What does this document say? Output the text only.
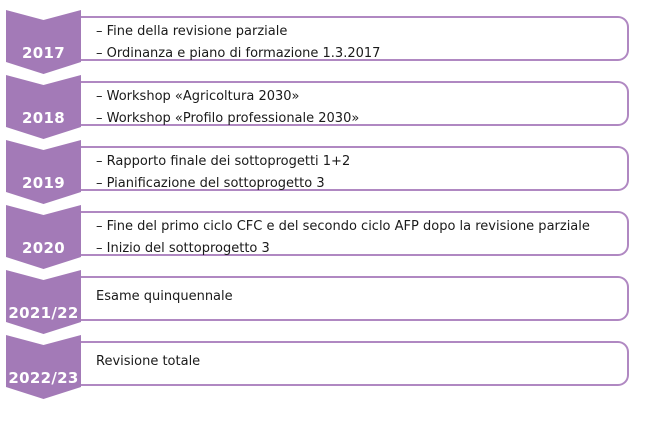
2017
– Fine della revisione parziale
– Ordinanza e piano di formazione 1.3.2017
2018
– Workshop «Agricoltura 2030»
– Workshop «Profilo professionale 2030»
2019
– Rapporto finale dei sottoprogetti 1+2
– Pianificazione del sottoprogetto 3
2020
– Fine del primo ciclo CFC e del secondo ciclo AFP dopo la revisione parziale
– Inizio del sottoprogetto 3
2021/22
Esame quinquennale
2022/23
Revisione totale
